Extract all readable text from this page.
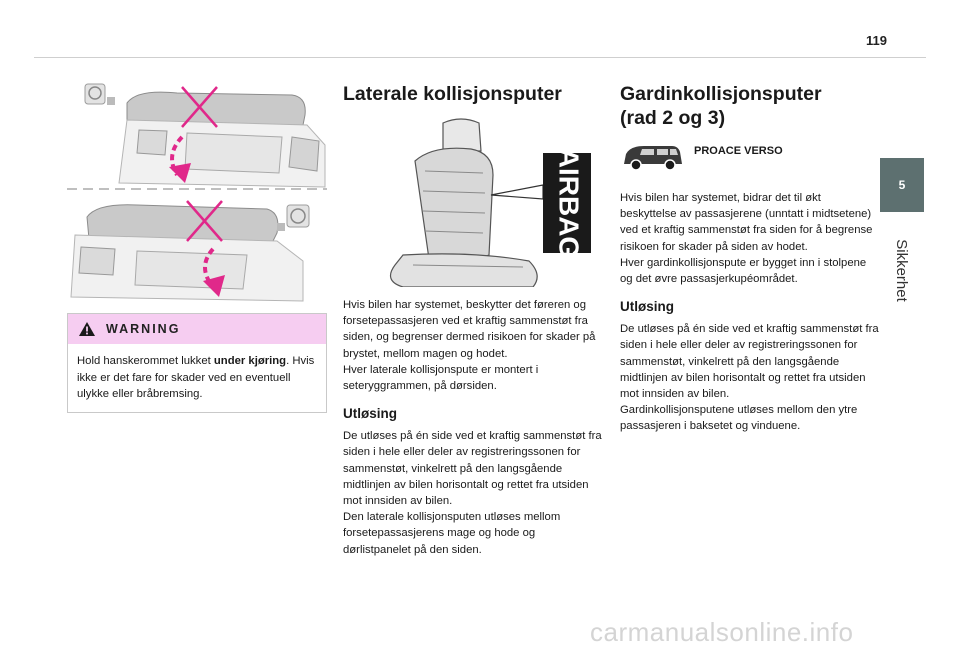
119
5
Sikkerhet
WARNING
Hold hanskerommet lukket under kjøring. Hvis ikke er det fare for skader ved en eventuell ulykke eller bråbremsing.
Laterale kollisjonsputer
AIRBAG

Hvis bilen har systemet, beskytter det føreren og forsetepassasjeren ved et kraftig sammenstøt fra siden, og begrenser dermed risikoen for skader på brystet, mellom magen og hodet.
Hver laterale kollisjonspute er montert i seteryggrammen, på dørsiden.

Utløsing

De utløses på én side ved et kraftig sammenstøt fra siden i hele eller deler av registreringssonen for sammenstøt, vinkelrett på den langsgående midtlinjen av bilen horisontalt og rettet fra utsiden mot innsiden av bilen.
Den laterale kollisjonsputen utløses mellom forsetepassasjerens mage og hode og dørlistpanelet på den siden.

Gardinkollisjonsputer
(rad 2 og 3)
PROACE VERSO

Hvis bilen har systemet, bidrar det til økt beskyttelse av passasjerene (unntatt i midtsetene) ved et kraftig sammenstøt fra siden for å begrense risikoen for skader på siden av hodet.
Hver gardinkollisjonspute er bygget inn i stolpene og det øvre passasjerkupéområdet.

Utløsing

De utløses på én side ved et kraftig sammenstøt fra siden i hele eller deler av registreringssonen for sammenstøt, vinkelrett på den langsgående midtlinjen av bilen horisontalt og rettet fra utsiden mot innsiden av bilen.
Gardinkollisjonsputene utløses mellom den ytre passasjeren i baksetet og vinduene.

carmanualsonline.info
